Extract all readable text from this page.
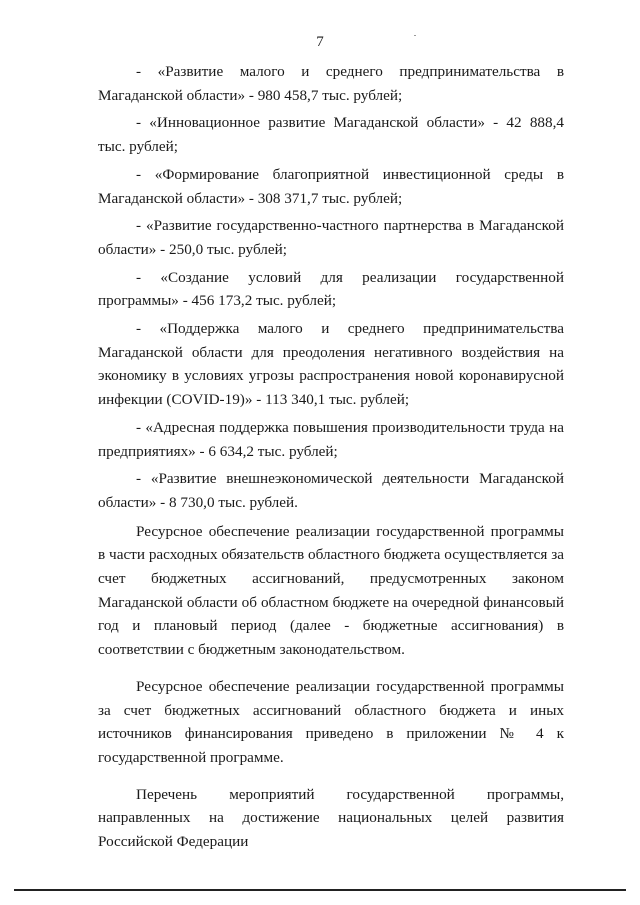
7

- «Развитие малого и среднего предпринимательства в Магаданской области» - 980 458,7 тыс. рублей;

- «Инновационное развитие Магаданской области» - 42 888,4 тыс. рублей;

- «Формирование благоприятной инвестиционной среды в Магаданской области» - 308 371,7 тыс. рублей;

- «Развитие государственно-частного партнерства в Магаданской области» - 250,0 тыс. рублей;

- «Создание условий для реализации государственной программы» - 456 173,2 тыс. рублей;

- «Поддержка малого и среднего предпринимательства Магаданской области для преодоления негативного воздействия на экономику в условиях угрозы распространения новой коронавирусной инфекции (COVID-19)» - 113 340,1 тыс. рублей;

- «Адресная поддержка повышения производительности труда на предприятиях» - 6 634,2 тыс. рублей;

- «Развитие внешнеэкономической деятельности Магаданской области» - 8 730,0 тыс. рублей.

Ресурсное обеспечение реализации государственной программы в части расходных обязательств областного бюджета осуществляется за счет бюджетных ассигнований, предусмотренных законом Магаданской области об областном бюджете на очередной финансовый год и плановый период (далее - бюджетные ассигнования) в соответствии с бюджетным законодательством.

Ресурсное обеспечение реализации государственной программы за счет бюджетных ассигнований областного бюджета и иных источников финансирования приведено в приложении № 4 к государственной программе.

Перечень мероприятий государственной программы, направленных на достижение национальных целей развития Российской Федерации
